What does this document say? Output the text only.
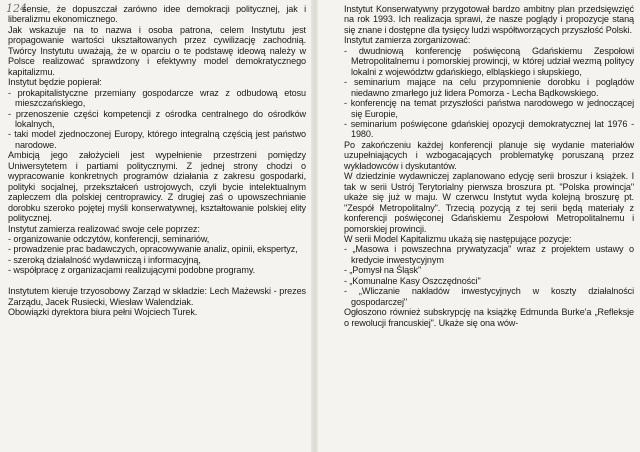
124

sensie, że dopuszczał zarówno idee demokracji politycznej, jak i liberalizmu ekonomicznego.

Jak wskazuje na to nazwa i osoba patrona, celem Instytutu jest propagowanie wartości ukształtowanych przez cywilizację zachodnią. Twórcy Instytutu uważają, że w oparciu o te podstawę ideową należy w Polsce realizować sprawdzony i efektywny model demokratycznego kapitalizmu.

Instytut będzie popierał:

- prokapitalistyczne przemiany gospodarcze wraz z odbudową etosu mieszczańskiego,
- przenoszenie części kompetencji z ośrodka centralnego do ośrodków lokalnych,
- taki model zjednoczonej Europy, którego integralną częścią jest państwo narodowe.

Ambicją jego założycieli jest wypełnienie przestrzeni pomiędzy Uniwersytetem i partiami politycznymi. Z jednej strony chodzi o wypracowanie konkretnych programów działania z zakresu gospodarki, polityki socjalnej, przekształceń ustrojowych, czyli bycie intelektualnym zapleczem dla polskiej centroprawicy. Z drugiej zaś o upowszechnianie dorobku szeroko pojętej myśli konserwatywnej, kształtowanie polskiej elity politycznej.

Instytut zamierza realizować swoje cele poprzez:

- organizowanie odczytów, konferencji, seminariów,
- prowadzenie prac badawczych, opracowywanie analiz, opinii, ekspertyz,
- szeroką działalność wydawniczą i informacyjną,
- współpracę z organizacjami realizującymi podobne programy.

Instytutem kieruje trzyosobowy Zarząd w składzie: Lech Mażewski - prezes Zarządu, Jacek Rusiecki, Wiesław Walendziak.

Obowiązki dyrektora biura pełni Wojciech Turek.

Instytut Konserwatywny przygotował bardzo ambitny plan przedsięwzięć na rok 1993. Ich realizacja sprawi, że nasze poglądy i propozycje staną się znane i dostępne dla tysięcy ludzi współtworzących przyszłość Polski.

Instytut zamierza zorganizować:

- dwudniową konferencję poświęconą Gdańskiemu Zespołowi Metropolitalnemu i pomorskiej prowincji, w której udział wezmą politycy lokalni z województw gdańskiego, elbląskiego i słupskiego,
- seminarium mające na celu przypomnienie dorobku i poglądów niedawno zmarłego już lidera Pomorza - Lecha Bądkowskiego.
- konferencję na temat przyszłości państwa narodowego w jednoczącej się Europie,
- seminarium poświęcone gdańskiej opozycji demokratycznej lat 1976 - 1980.

Po zakończeniu każdej konferencji planuje się wydanie materiałów uzupełniających i wzbogacających problematykę poruszaną przez wykładowców i dyskutantów.

W dziedzinie wydawniczej zaplanowano edycję serii broszur i książek. I tak w serii Ustrój Terytorialny pierwsza broszura pt. "Polska prowincja" ukaże się już w maju. W czerwcu Instytut wyda kolejną broszurę pt. "Zespół Metropolitalny". Trzecią pozycją z tej serii będą materiały z konferencji poświęconej Gdańskiemu Zespołowi Metropolitalnemu i pomorskiej prowincji.

W serii Model Kapitalizmu ukażą się następujące pozycje:

- „Masowa i powszechna prywatyzacja" wraz z projektem ustawy o kredycie inwestycyjnym
- „Pomysł na Śląsk"
- „Komunalne Kasy Oszczędności"
- „Wliczanie nakładów inwestycyjnych w koszty działalności gospodarczej"

Ogłoszono również subskrypcję na książkę Edmunda Burke'a „Refleksje o rewolucji francuskiej". Ukaże się ona wów-
